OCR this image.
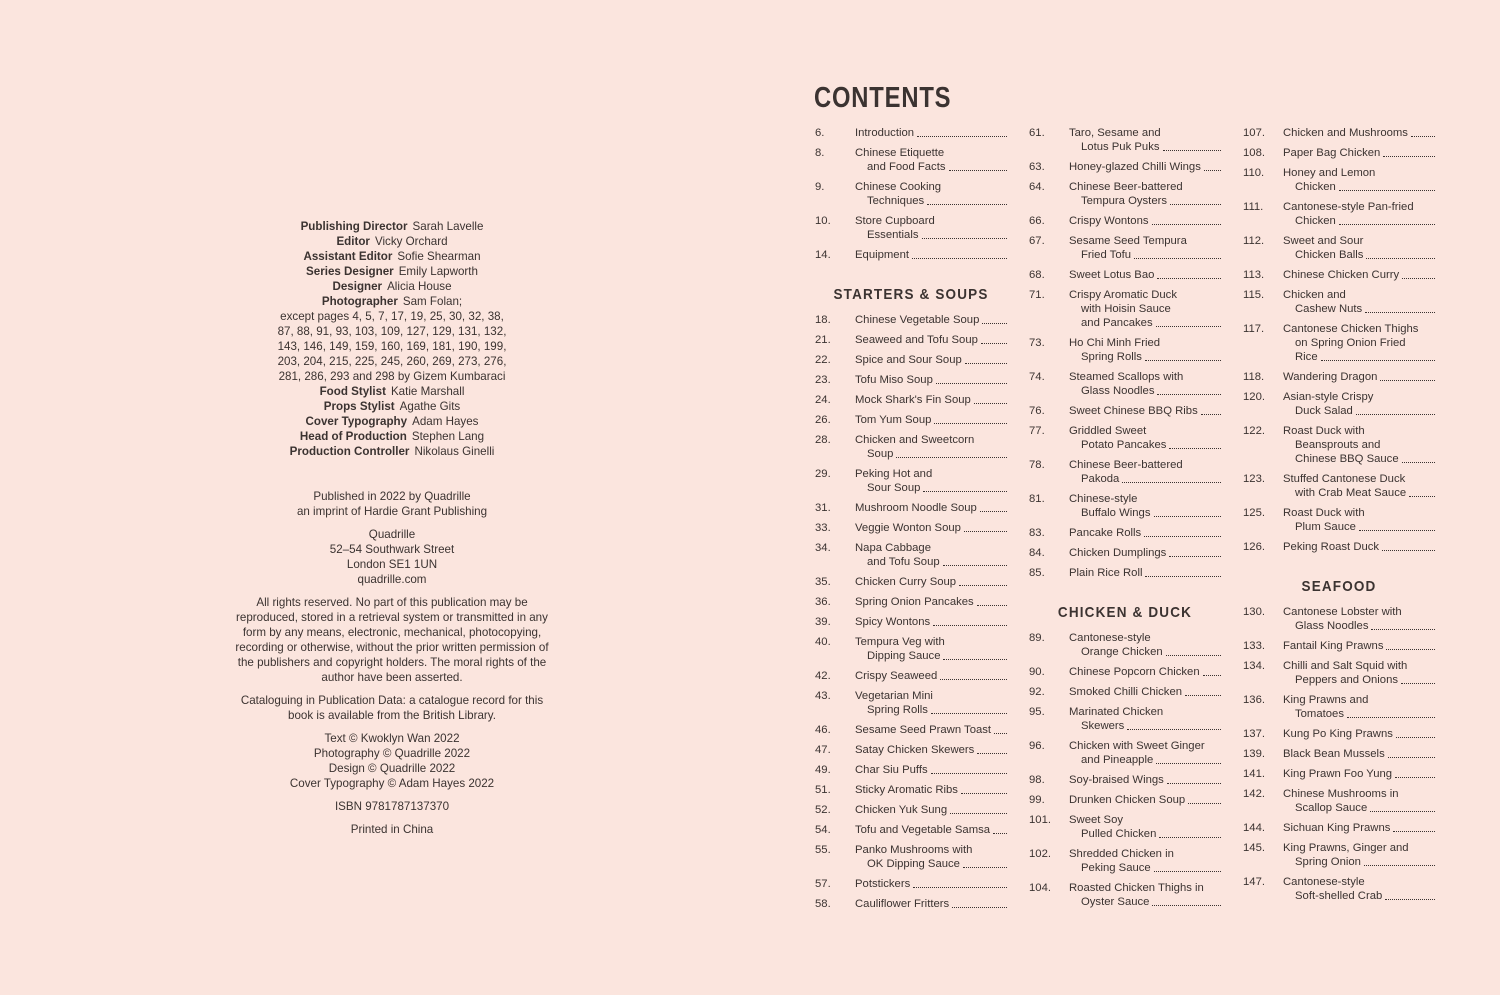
Publishing Director Sarah Lavelle
Editor Vicky Orchard
Assistant Editor Sofie Shearman
Series Designer Emily Lapworth
Designer Alicia House
Photographer Sam Folan;
except pages 4, 5, 7, 17, 19, 25, 30, 32, 38,
87, 88, 91, 93, 103, 109, 127, 129, 131, 132,
143, 146, 149, 159, 160, 169, 181, 190, 199,
203, 204, 215, 225, 245, 260, 269, 273, 276,
281, 286, 293 and 298 by Gizem Kumbaraci
Food Stylist Katie Marshall
Props Stylist Agathe Gits
Cover Typography Adam Hayes
Head of Production Stephen Lang
Production Controller Nikolaus Ginelli
Published in 2022 by Quadrille
an imprint of Hardie Grant Publishing
Quadrille
52–54 Southwark Street
London SE1 1UN
quadrille.com
All rights reserved. No part of this publication may be
reproduced, stored in a retrieval system or transmitted in any
form by any means, electronic, mechanical, photocopying,
recording or otherwise, without the prior written permission of
the publishers and copyright holders. The moral rights of the
author have been asserted.
Cataloguing in Publication Data: a catalogue record for this
book is available from the British Library.
Text © Kwoklyn Wan 2022
Photography © Quadrille 2022
Design © Quadrille 2022
Cover Typography © Adam Hayes 2022
ISBN 9781787137370
Printed in China
CONTENTS
6.	Introduction
8.	Chinese Etiquette
and Food Facts
9.	Chinese Cooking
Techniques
10.	Store Cupboard
Essentials
14.	Equipment
STARTERS & SOUPS
18.	Chinese Vegetable Soup
21.	Seaweed and Tofu Soup
22.	Spice and Sour Soup
23.	Tofu Miso Soup
24.	Mock Shark's Fin Soup
26.	Tom Yum Soup
28.	Chicken and Sweetcorn
Soup
29.	Peking Hot and
Sour Soup
31.	Mushroom Noodle Soup
33.	Veggie Wonton Soup
34.	Napa Cabbage
and Tofu Soup
35.	Chicken Curry Soup
36.	Spring Onion Pancakes
39.	Spicy Wontons
40.	Tempura Veg with
Dipping Sauce
42.	Crispy Seaweed
43.	Vegetarian Mini
Spring Rolls
46.	Sesame Seed Prawn Toast
47.	Satay Chicken Skewers
49.	Char Siu Puffs
51.	Sticky Aromatic Ribs
52.	Chicken Yuk Sung
54.	Tofu and Vegetable Samsa
55.	Panko Mushrooms with
OK Dipping Sauce
57.	Potstickers
58.	Cauliflower Fritters
61.	Taro, Sesame and
Lotus Puk Puks
63.	Honey-glazed Chilli Wings
64.	Chinese Beer-battered
Tempura Oysters
66.	Crispy Wontons
67.	Sesame Seed Tempura
Fried Tofu
68.	Sweet Lotus Bao
71.	Crispy Aromatic Duck
with Hoisin Sauce
and Pancakes
73.	Ho Chi Minh Fried
Spring Rolls
74.	Steamed Scallops with
Glass Noodles
76.	Sweet Chinese BBQ Ribs
77.	Griddled Sweet
Potato Pancakes
78.	Chinese Beer-battered
Pakoda
81.	Chinese-style
Buffalo Wings
83.	Pancake Rolls
84.	Chicken Dumplings
85.	Plain Rice Roll
CHICKEN & DUCK
89.	Cantonese-style
Orange Chicken
90.	Chinese Popcorn Chicken
92.	Smoked Chilli Chicken
95.	Marinated Chicken
Skewers
96.	Chicken with Sweet Ginger
and Pineapple
98.	Soy-braised Wings
99.	Drunken Chicken Soup
101.	Sweet Soy
Pulled Chicken
102.	Shredded Chicken in
Peking Sauce
104.	Roasted Chicken Thighs in
Oyster Sauce
107.	Chicken and Mushrooms
108.	Paper Bag Chicken
110.	Honey and Lemon
Chicken
111.	Cantonese-style Pan-fried
Chicken
112.	Sweet and Sour
Chicken Balls
113.	Chinese Chicken Curry
115.	Chicken and
Cashew Nuts
117.	Cantonese Chicken Thighs
on Spring Onion Fried
Rice
118.	Wandering Dragon
120.	Asian-style Crispy
Duck Salad
122.	Roast Duck with
Beansprouts and
Chinese BBQ Sauce
123.	Stuffed Cantonese Duck
with Crab Meat Sauce
125.	Roast Duck with
Plum Sauce
126.	Peking Roast Duck
SEAFOOD
130.	Cantonese Lobster with
Glass Noodles
133.	Fantail King Prawns
134.	Chilli and Salt Squid with
Peppers and Onions
136.	King Prawns and
Tomatoes
137.	Kung Po King Prawns
139.	Black Bean Mussels
141.	King Prawn Foo Yung
142.	Chinese Mushrooms in
Scallop Sauce
144.	Sichuan King Prawns
145.	King Prawns, Ginger and
Spring Onion
147.	Cantonese-style
Soft-shelled Crab
